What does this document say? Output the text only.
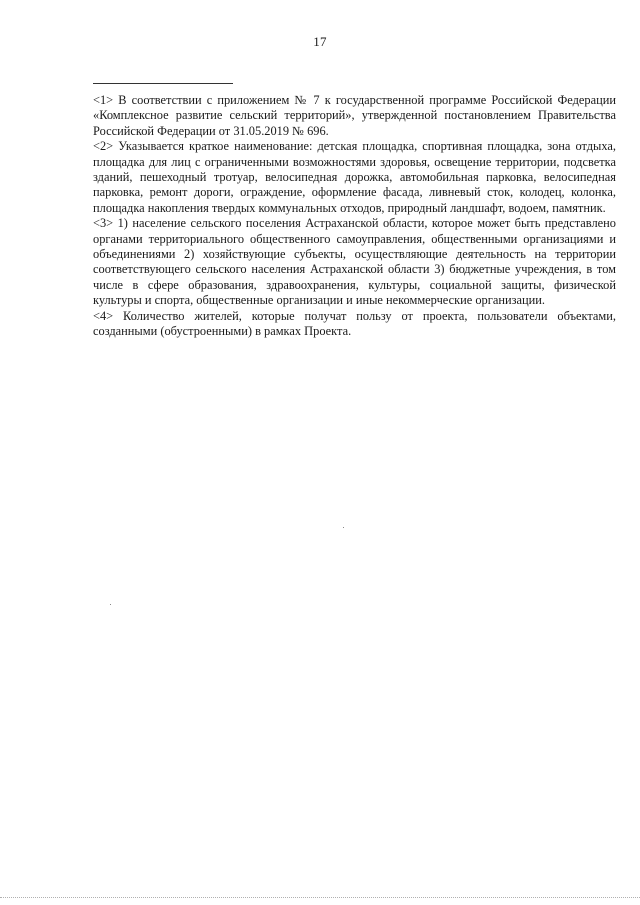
17

<1> В соответствии с приложением № 7 к государственной программе Российской Федерации «Комплексное развитие сельский территорий», утвержденной постановлением Правительства Российской Федерации от 31.05.2019 № 696.

<2> Указывается краткое наименование: детская площадка, спортивная площадка, зона отдыха, площадка для лиц с ограниченными возможностями здоровья, освещение территории, подсветка зданий, пешеходный тротуар, велосипедная дорожка, автомобильная парковка, велосипедная парковка, ремонт дороги, ограждение, оформление фасада, ливневый сток, колодец, колонка, площадка накопления твердых коммунальных отходов, природный ландшафт, водоем, памятник.

<3> 1) население сельского поселения Астраханской области, которое может быть представлено органами территориального общественного самоуправления, общественными организациями и объединениями 2) хозяйствующие субъекты, осуществляющие деятельность на территории соответствующего сельского населения Астраханской области 3) бюджетные учреждения, в том числе в сфере образования, здравоохранения, культуры, социальной защиты, физической культуры и спорта, общественные организации и иные некоммерческие организации.

<4> Количество жителей, которые получат пользу от проекта, пользователи объектами, созданными (обустроенными) в рамках Проекта.
